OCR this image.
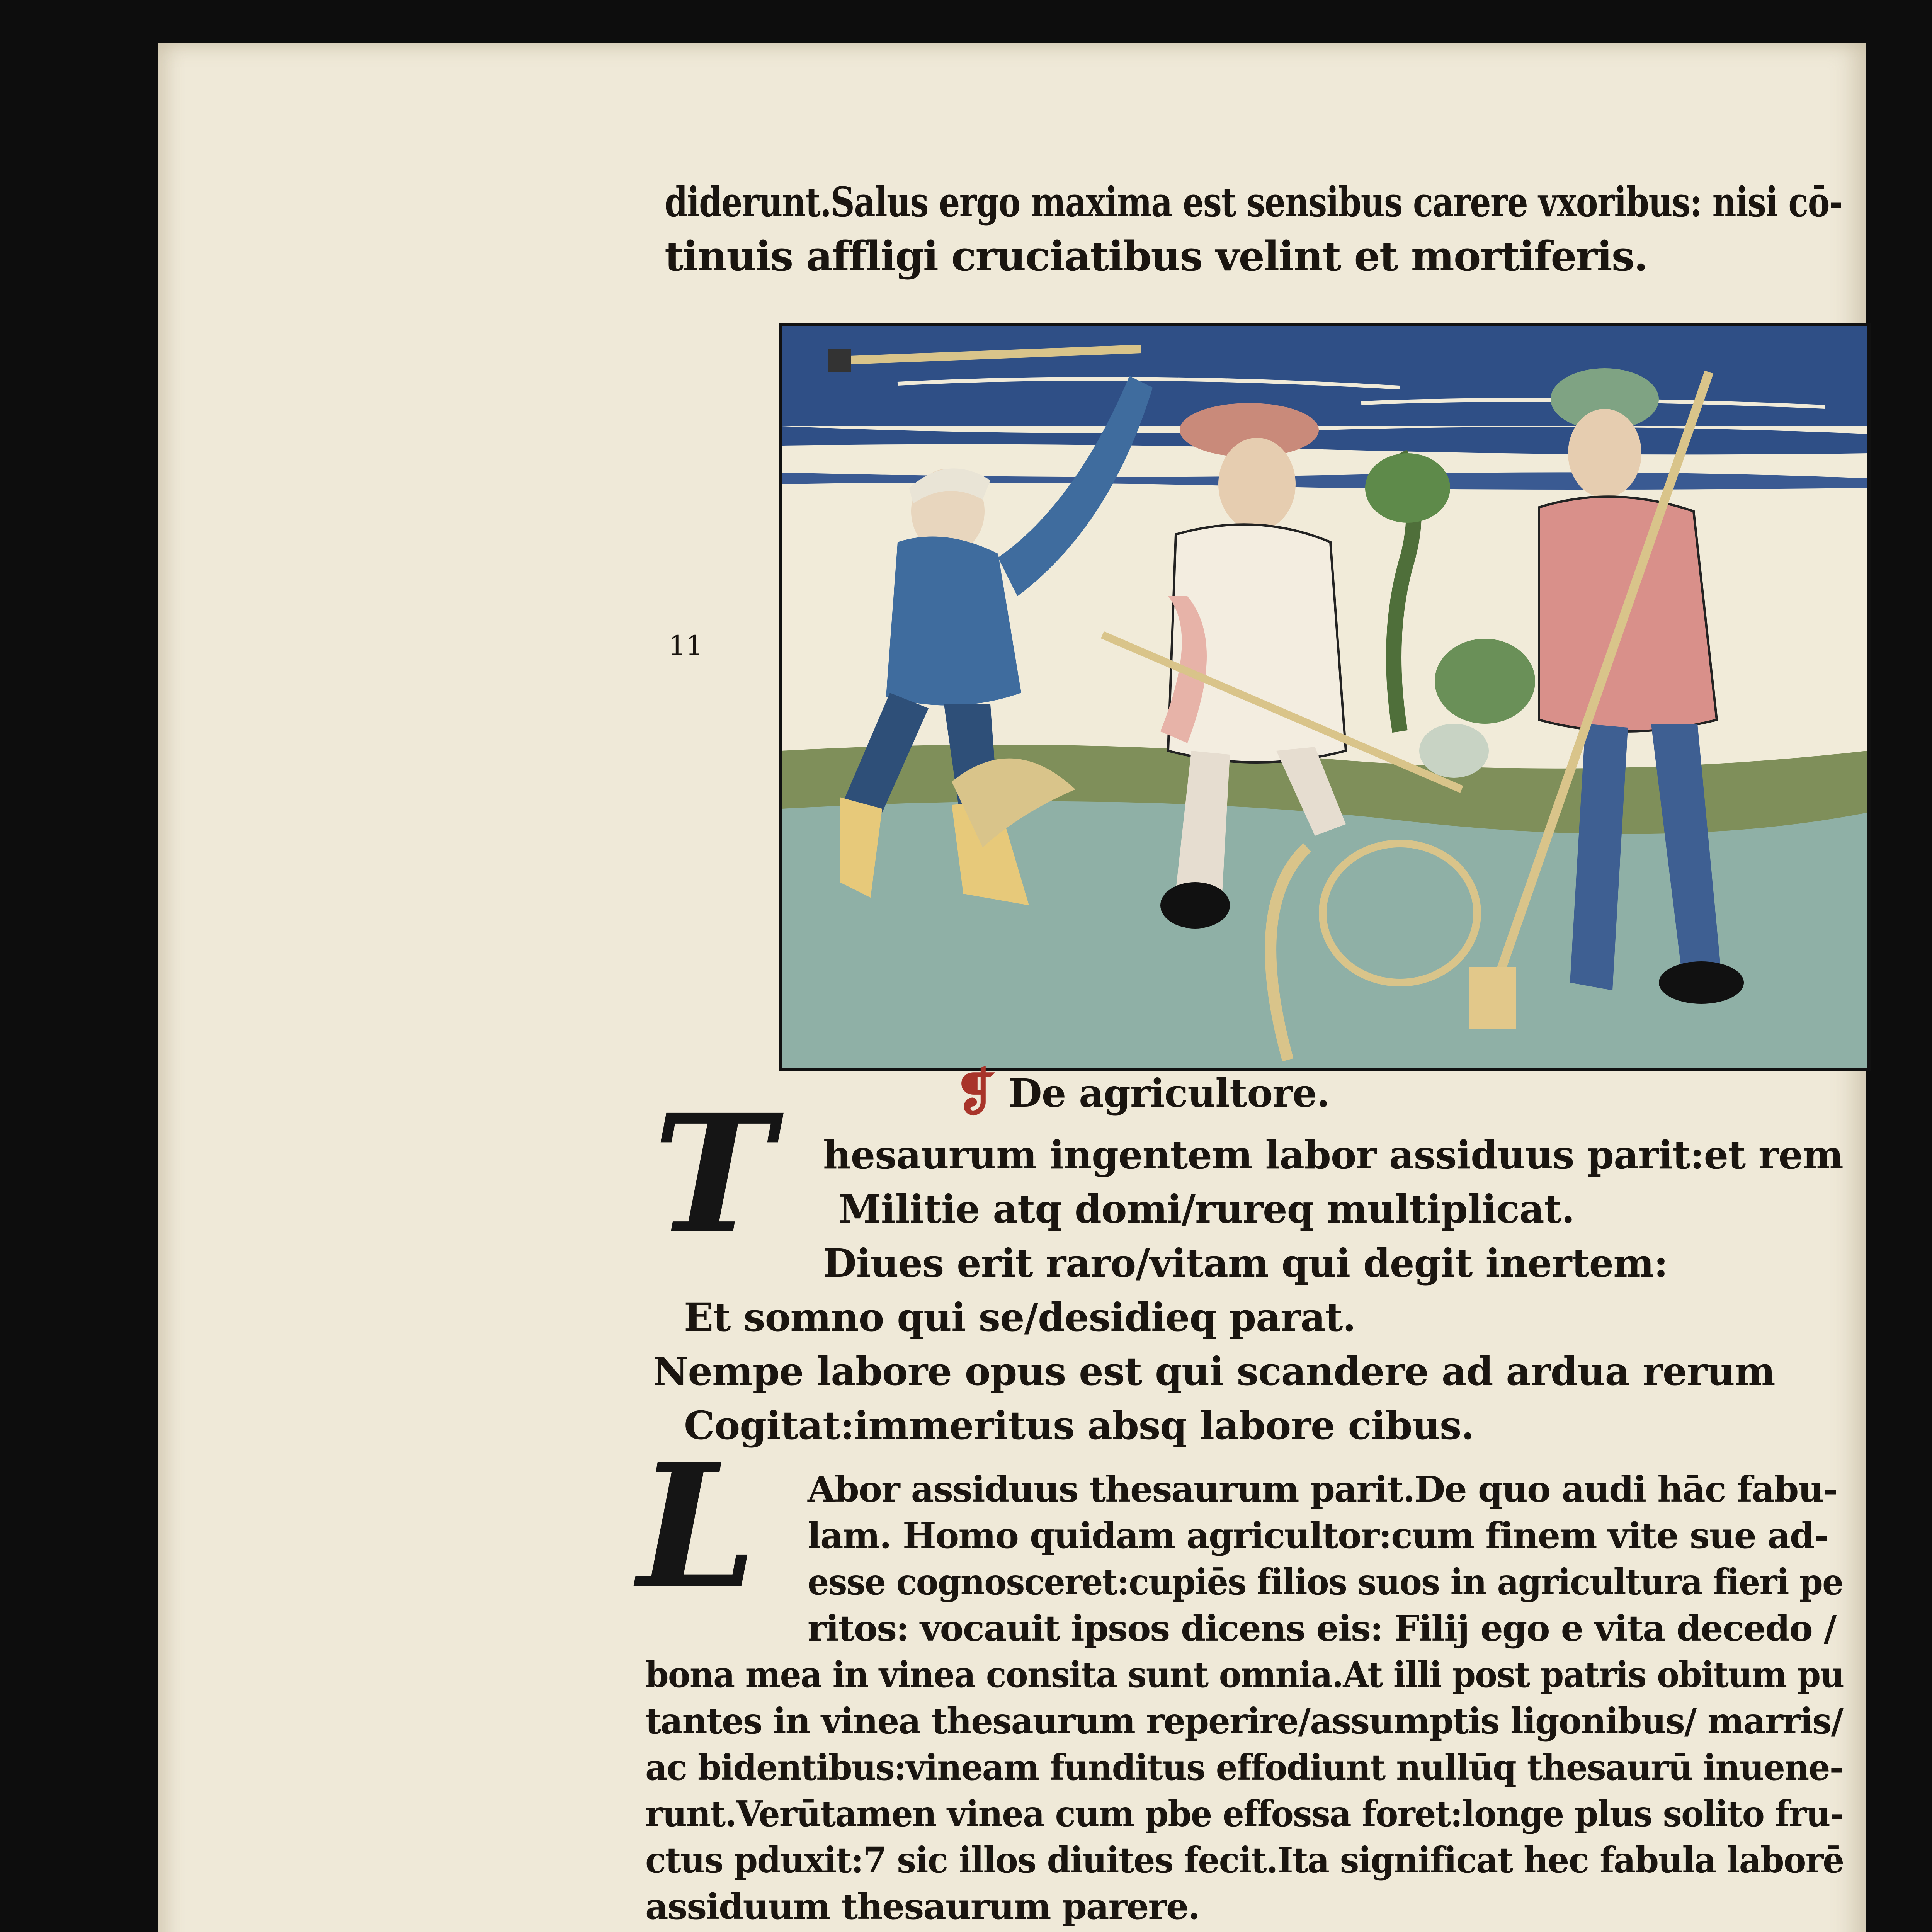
diderunt.Salus ergo maxima est sensibus carere vxoribus: nisi cō-
tinuis affligi cruciatibus velint et mortiferis.
11
❡ De agricultore.
T hesaurum ingentem labor assiduus parit:et rem
Militie atq domi/rureq multiplicat.
Diues erit raro/vitam qui degit inertem:
Et somno qui se/desidieq parat.
Nempe labore opus est qui scandere ad ardua rerum
Cogitat:immeritus absq labore cibus.
L Abor assiduus thesaurum parit.De quo audi hāc fabu-
lam. Homo quidam agricultor:cum finem vite sue ad-
esse cognosceret:cupiēs filios suos in agricultura fieri pe
ritos: vocauit ipsos dicens eis: Filij ego e vita decedo /
bona mea in vinea consita sunt omnia.At illi post patris obitum pu
tantes in vinea thesaurum reperire/assumptis ligonibus/ marris/
ac bidentibus:vineam funditus effodiunt nullūq thesaurū inuene-
runt.Verūtamen vinea cum pbe effossa foret:longe plus solito fru-
ctus pduxit:7 sic illos diuites fecit.Ita significat hec fabula laborē
assiduum thesaurum parere.
